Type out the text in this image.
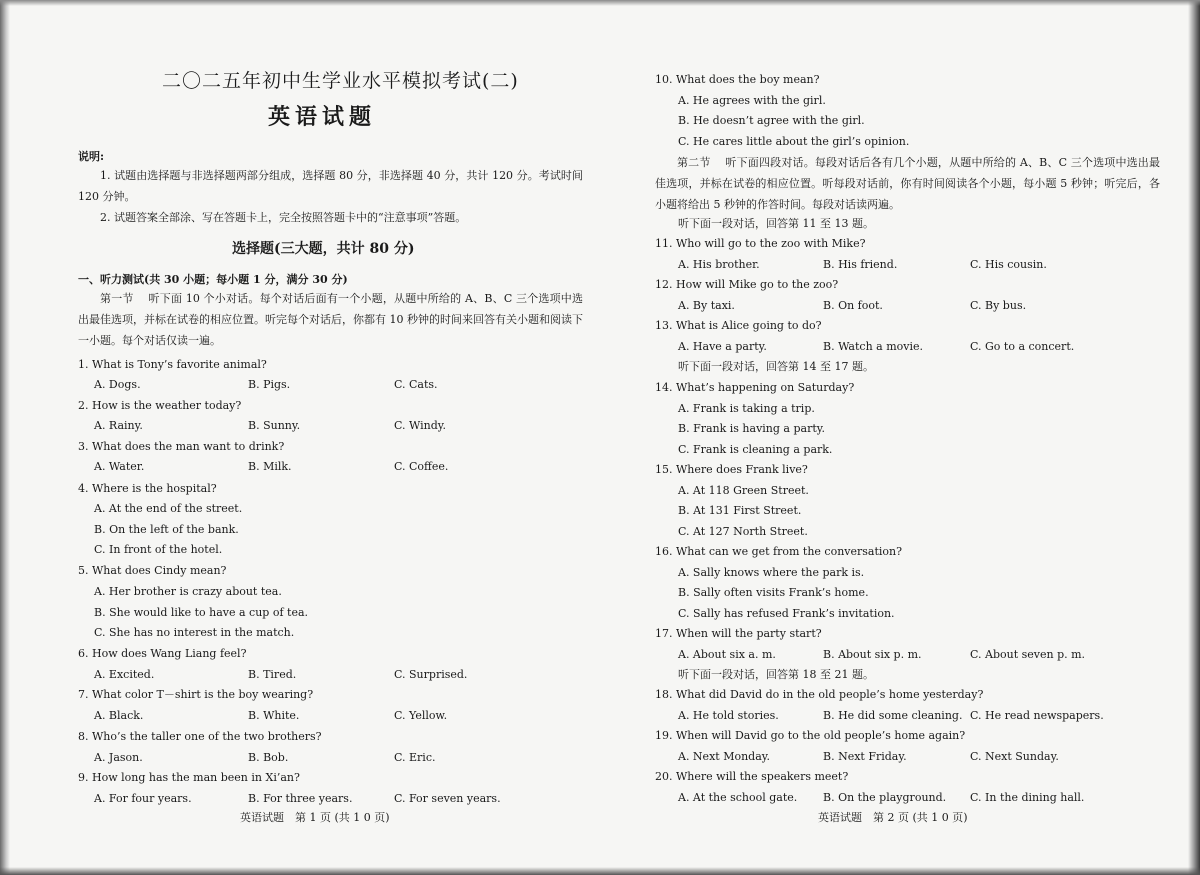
二〇二五年初中生学业水平模拟考试(二)
英语试题
说明:
1. 试题由选择题与非选择题两部分组成，选择题 80 分，非选择题 40 分，共计 120 分。考试时间 120 分钟。
2. 试题答案全部涂、写在答题卡上，完全按照答题卡中的“注意事项”答题。
选择题(三大题，共计 80 分)
一、听力测试(共 30 小题；每小题 1 分，满分 30 分)
第一节　 听下面 10 个小对话。每个对话后面有一个小题，从题中所给的 A、B、C 三个选项中选出最佳选项，并标在试卷的相应位置。听完每个对话后，你都有 10 秒钟的时间来回答有关小题和阅读下一小题。每个对话仅读一遍。
1. What is Tony’s favorite animal?
A. Dogs.	B. Pigs.	C. Cats.
2. How is the weather today?
A. Rainy.	B. Sunny.	C. Windy.
3. What does the man want to drink?
A. Water.	B. Milk.	C. Coffee.
4. Where is the hospital?
A. At the end of the street.
B. On the left of the bank.
C. In front of the hotel.
5. What does Cindy mean?
A. Her brother is crazy about tea.
B. She would like to have a cup of tea.
C. She has no interest in the match.
6. How does Wang Liang feel?
A. Excited.	B. Tired.	C. Surprised.
7. What color T－shirt is the boy wearing?
A. Black.	B. White.	C. Yellow.
8. Who’s the taller one of the two brothers?
A. Jason.	B. Bob.	C. Eric.
9. How long has the man been in Xi’an?
A. For four years.	B. For three years.	C. For seven years.
英语试题　第 1 页 (共 1 0 页)
10. What does the boy mean?
A. He agrees with the girl.
B. He doesn’t agree with the girl.
C. He cares little about the girl’s opinion.
第二节　 听下面四段对话。每段对话后各有几个小题，从题中所给的 A、B、C 三个选项中选出最佳选项，并标在试卷的相应位置。听每段对话前，你有时间阅读各个小题，每小题 5 秒钟；听完后，各小题将给出 5 秒钟的作答时间。每段对话读两遍。
听下面一段对话，回答第 11 至 13 题。
11. Who will go to the zoo with Mike?
A. His brother.	B. His friend.	C. His cousin.
12. How will Mike go to the zoo?
A. By taxi.	B. On foot.	C. By bus.
13. What is Alice going to do?
A. Have a party.	B. Watch a movie.	C. Go to a concert.
听下面一段对话，回答第 14 至 17 题。
14. What’s happening on Saturday?
A. Frank is taking a trip.
B. Frank is having a party.
C. Frank is cleaning a park.
15. Where does Frank live?
A. At 118 Green Street.
B. At 131 First Street.
C. At 127 North Street.
16. What can we get from the conversation?
A. Sally knows where the park is.
B. Sally often visits Frank’s home.
C. Sally has refused Frank’s invitation.
17. When will the party start?
A. About six a. m.	B. About six p. m.	C. About seven p. m.
听下面一段对话，回答第 18 至 21 题。
18. What did David do in the old people’s home yesterday?
A. He told stories.	B. He did some cleaning. C. He read newspapers.
19. When will David go to the old people’s home again?
A. Next Monday.	B. Next Friday.	C. Next Sunday.
20. Where will the speakers meet?
A. At the school gate. B. On the playground. C. In the dining hall.
英语试题　第 2 页 (共 1 0 页)
